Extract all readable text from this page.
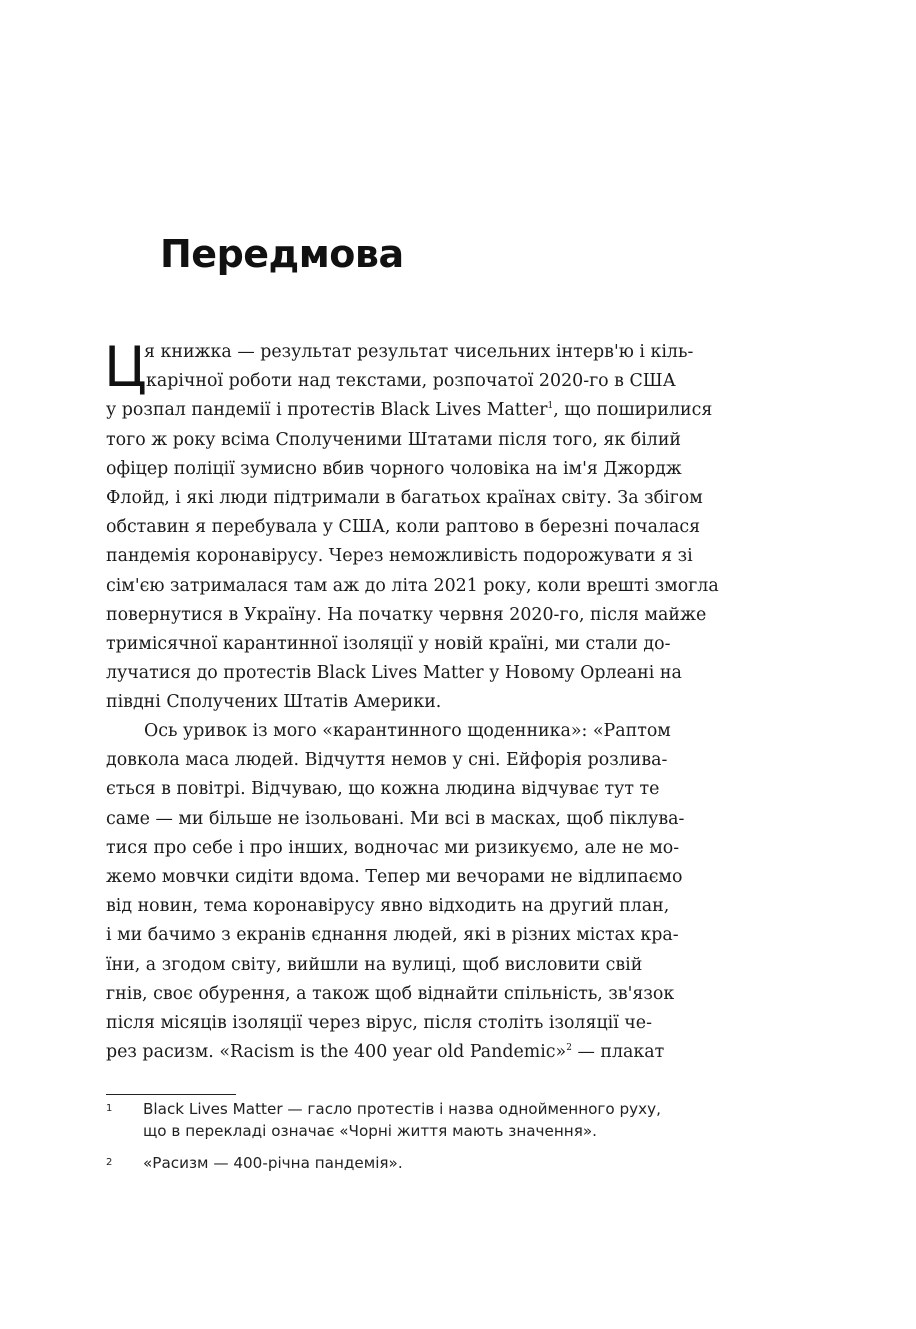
Передмова
Ц
я книжка — результат результат чисельних інтерв'ю і кіль-
карічної роботи над текстами, розпочатої 2020-го в США
у розпал пандемії і протестів Black Lives Matter$^1$, що поширилися
того ж року всіма Сполученими Штатами після того, як білий
офіцер поліції зумисно вбив чорного чоловіка на ім'я Джордж
Флойд, і які люди підтримали в багатьох країнах світу. За збігом
обставин я перебувала у США, коли раптово в березні почалася
пандемія коронавірусу. Через неможливість подорожувати я зі
сім'єю затрималася там аж до літа 2021 року, коли врешті змогла
повернутися в Україну. На початку червня 2020-го, після майже
тримісячної карантинної ізоляції у новій країні, ми стали до-
лучатися до протестів Black Lives Matter у Новому Орлеані на
півдні Сполучених Штатів Америки.
Ось уривок із мого «карантинного щоденника»: «Раптом
довкола маса людей. Відчуття немов у сні. Ейфорія розлива-
ється в повітрі. Відчуваю, що кожна людина відчуває тут те
саме — ми більше не ізольовані. Ми всі в масках, щоб піклува-
тися про себе і про інших, водночас ми ризикуємо, але не мо-
жемо мовчки сидіти вдома. Тепер ми вечорами не відлипаємо
від новин, тема коронавірусу явно відходить на другий план,
і ми бачимо з екранів єднання людей, які в різних містах кра-
їни, а згодом світу, вийшли на вулиці, щоб висловити свій
гнів, своє обурення, а також щоб віднайти спільність, зв'язок
після місяців ізоляції через вірус, після століть ізоляції че-
рез расизм. «Racism is the 400 year old Pandemic»$^2$ — плакат
1 Black Lives Matter — гасло протестів і назва однойменного руху,
що в перекладі означає «Чорні життя мають значення».
2 «Расизм — 400-річна пандемія».
